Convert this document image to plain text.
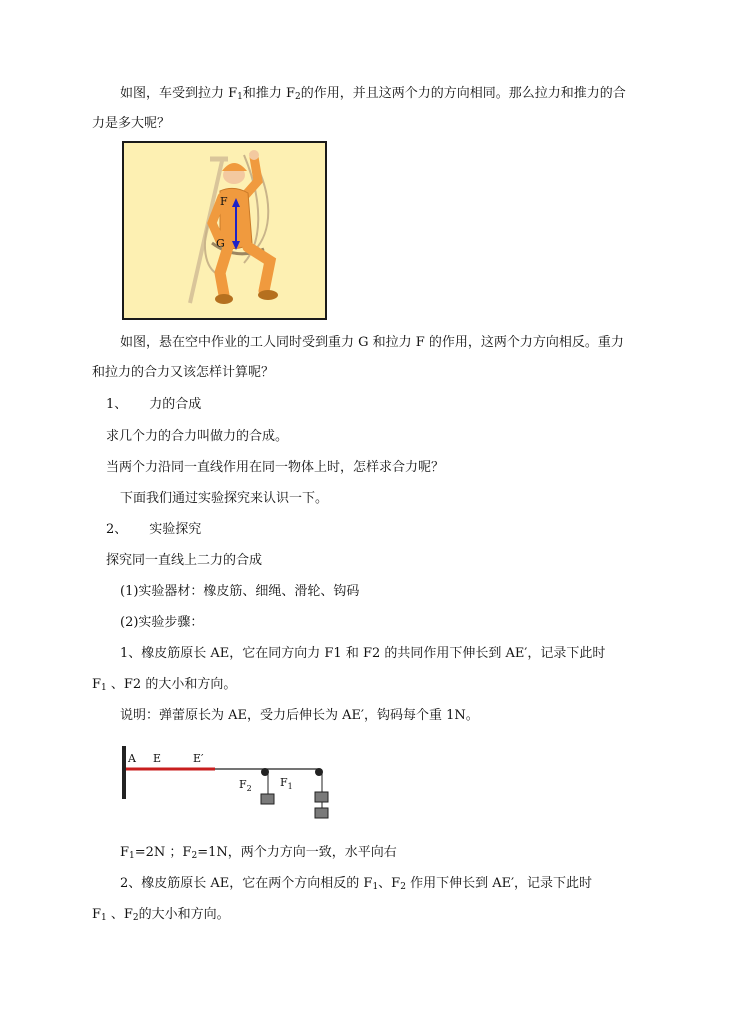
如图，车受到拉力 $F_1$和推力 $F_2$的作用，并且这两个力的方向相同。那么拉力和推力的合
力是多大呢？
F
G
如图，悬在空中作业的工人同时受到重力 G 和拉力 F 的作用，这两个力方向相反。重力
和拉力的合力又该怎样计算呢？
1、 力的合成
求几个力的合力叫做力的合成。
当两个力沿同一直线作用在同一物体上时，怎样求合力呢？
下面我们通过实验探究来认识一下。
2、 实验探究
探究同一直线上二力的合成
(1)实验器材：橡皮筋、细绳、滑轮、钩码
(2)实验步骤：
1、橡皮筋原长 AE，它在同方向力 F1 和 F2 的共同作用下伸长到 AE′，记录下此时
$F_1$ 、F2 的大小和方向。
说明：弹蕾原长为 AE，受力后伸长为 AE′，钩码每个重 1N。
A E	E′
$F_2$	$F_1$
$F_1=2N$ ；$F_2=1N$，两个力方向一致，水平向右
2、橡皮筋原长 AE，它在两个方向相反的 $F_1$、$F_2$ 作用下伸长到 AE′，记录下此时
$F_1$ 、$F_2$的大小和方向。
